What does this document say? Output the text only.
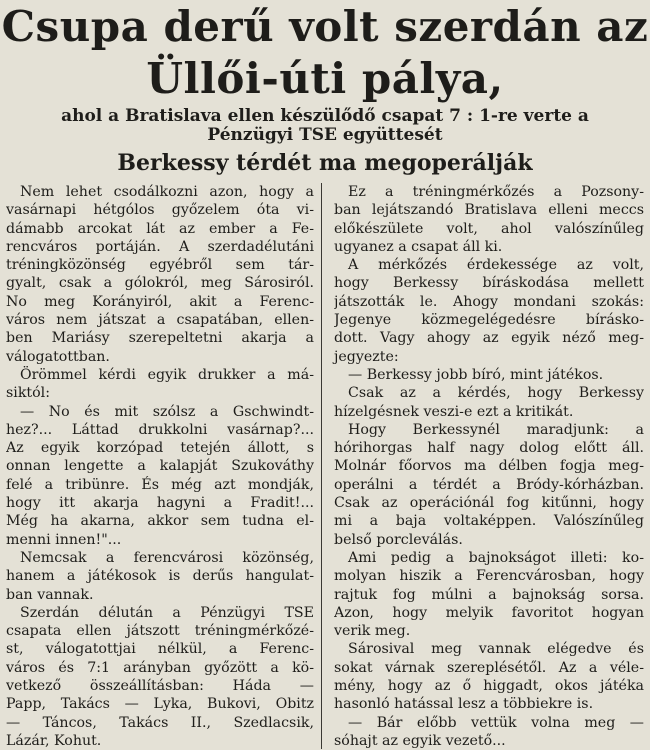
Csupa derű volt szerdán az
Üllői-úti pálya,
ahol a Bratislava ellen készülődő csapat 7 : 1-re verte a
Pénzügyi TSE együttesét
Berkessy térdét ma megoperálják
Nem lehet csodálkozni azon, hogy a
vasárnapi hétgólos győzelem óta vi-
dámabb arcokat lát az ember a Fe-
rencváros portáján. A szerdadélutáni
tréningközönség egyébről sem tár-
gyalt, csak a gólokról, meg Sárosiról.
No meg Korányiról, akit a Ferenc-
város nem játszat a csapatában, ellen-
ben Mariásy szerepeltetni akarja a
válogatottban.
Örömmel kérdi egyik drukker a má-
siktól:
— No és mit szólsz a Gschwindt-
hez?... Láttad drukkolni vasárnap?...
Az egyik korzópad tetején állott, s
onnan lengette a kalapját Szukováthy
felé a tribünre. És még azt mondják,
hogy itt akarja hagyni a Fradit!...
Még ha akarna, akkor sem tudna el-
menni innen!"...
Nemcsak a ferencvárosi közönség,
hanem a játékosok is derűs hangulat-
ban vannak.
Szerdán délután a Pénzügyi TSE
csapata ellen játszott tréningmérkőzé-
st, válogatottjai nélkül, a Ferenc-
város és 7:1 arányban győzött a kö-
vetkező összeállításban: Háda —
Papp, Takács — Lyka, Bukovi, Obitz
— Táncos, Takács II., Szedlacsik,
Lázár, Kohut.
Ez a tréningmérkőzés a Pozsony-
ban lejátszandó Bratislava elleni meccs
előkészülete volt, ahol valószínűleg
ugyanez a csapat áll ki.
A mérkőzés érdekessége az volt,
hogy Berkessy bíráskodása mellett
játszották le. Ahogy mondani szokás:
Jegenye közmegelégedésre bírásko-
dott. Vagy ahogy az egyik néző meg-
jegyezte:
— Berkessy jobb bíró, mint játékos.
Csak az a kérdés, hogy Berkessy
hízelgésnek veszi-e ezt a kritikát.
Hogy Berkessynél maradjunk: a
hórihorgas half nagy dolog előtt áll.
Molnár főorvos ma délben fogja meg-
operálni a térdét a Bródy-kórházban.
Csak az operációnál fog kitűnni, hogy
mi a baja voltaképpen. Valószínűleg
belső porcleválás.
Ami pedig a bajnokságot illeti: ko-
molyan hiszik a Ferencvárosban, hogy
rajtuk fog múlni a bajnokság sorsa.
Azon, hogy melyik favoritot hogyan
verik meg.
Sárosival meg vannak elégedve és
sokat várnak szereplésétől. Az a véle-
mény, hogy az ő higgadt, okos játéka
hasonló hatással lesz a többiekre is.
— Bár előbb vettük volna meg —
sóhajt az egyik vezető...
